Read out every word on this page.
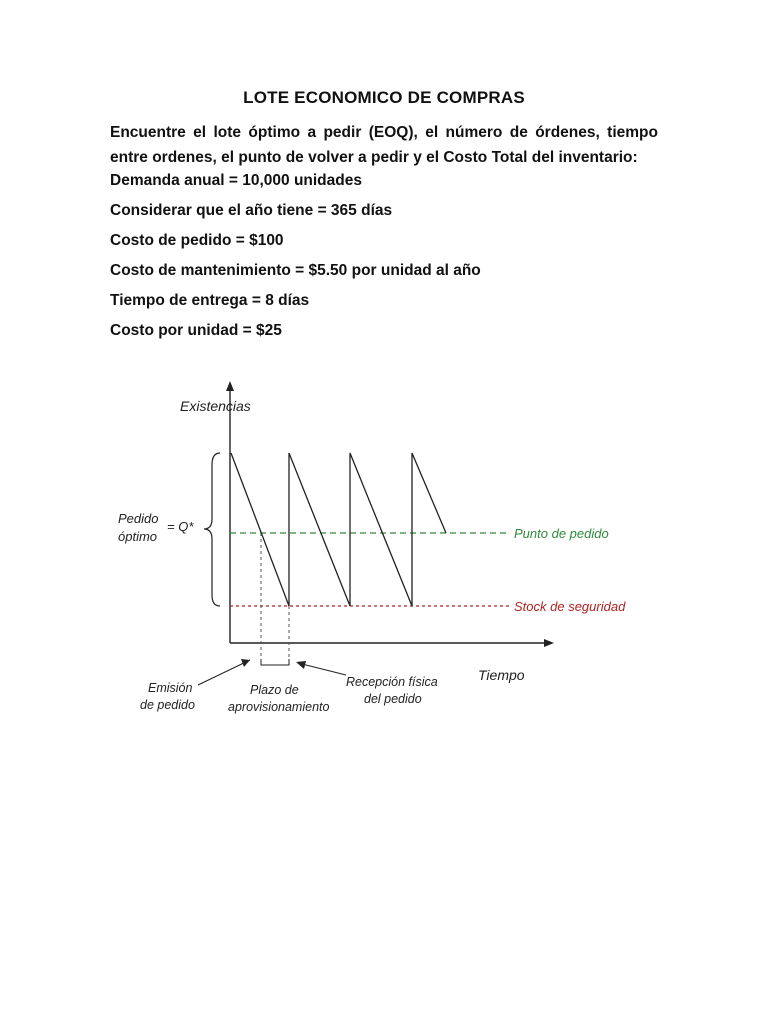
LOTE ECONOMICO DE COMPRAS
Encuentre el lote óptimo a pedir (EOQ), el número de órdenes, tiempo entre ordenes, el punto de volver a pedir y el Costo Total del inventario:
Demanda anual = 10,000 unidades
Considerar que el año tiene = 365 días
Costo de pedido = $100
Costo de mantenimiento = $5.50 por unidad al año
Tiempo de entrega = 8 días
Costo por unidad = $25
Existencias
Tiempo
Punto de pedido
Stock de seguridad
Pedido
óptimo
= Q*
Emisión
de pedido
Plazo de
aprovisionamiento
Recepción física
del pedido
